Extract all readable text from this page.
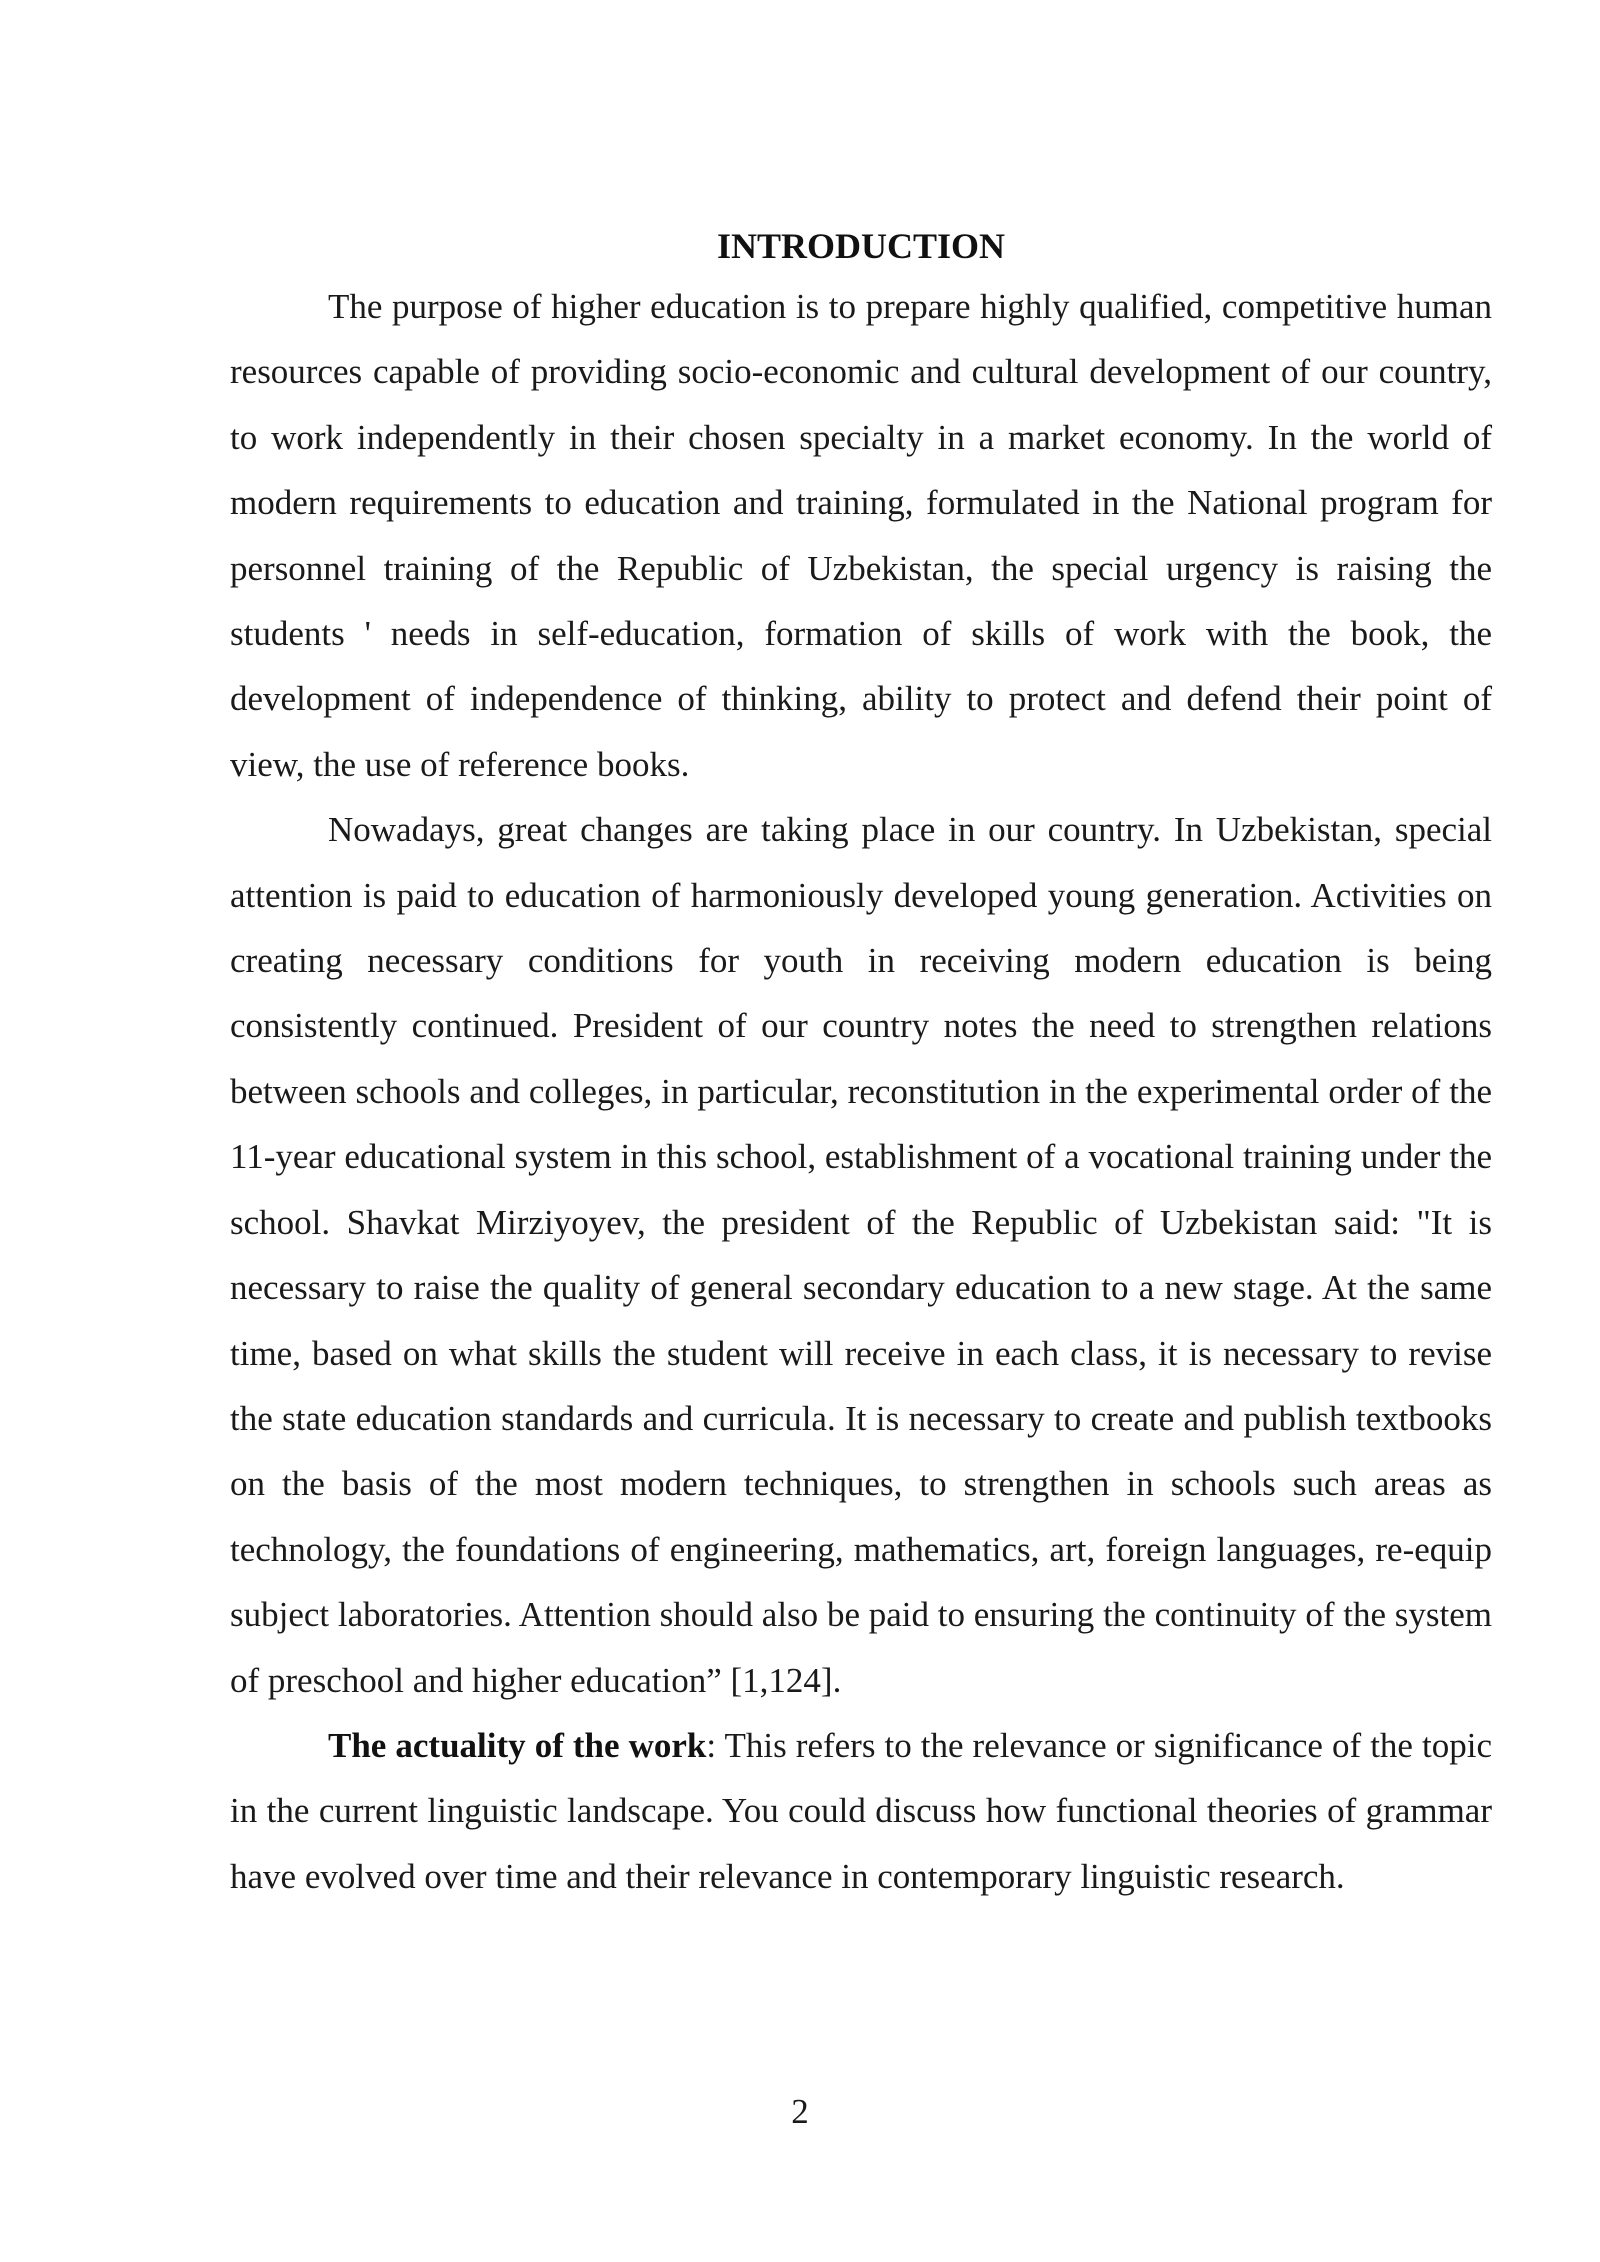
INTRODUCTION

The purpose of higher education is to prepare highly qualified, competitive human resources capable of providing socio-economic and cultural development of our country, to work independently in their chosen specialty in a market economy. In the world of modern requirements to education and training, formulated in the National program for personnel training of the Republic of Uzbekistan, the special urgency is raising the students ' needs in self-education, formation of skills of work with the book, the development of independence of thinking, ability to protect and defend their point of view, the use of reference books.

Nowadays, great changes are taking place in our country. In Uzbekistan, special attention is paid to education of harmoniously developed young generation. Activities on creating necessary conditions for youth in receiving modern education is being consistently continued. President of our country notes the need to strengthen relations between schools and colleges, in particular, reconstitution in the experimental order of the 11-year educational system in this school, establishment of a vocational training under the school. Shavkat Mirziyoyev, the president of the Republic of Uzbekistan said: "It is necessary to raise the quality of general secondary education to a new stage. At the same time, based on what skills the student will receive in each class, it is necessary to revise the state education standards and curricula. It is necessary to create and publish textbooks on the basis of the most modern techniques, to strengthen in schools such areas as technology, the foundations of engineering, mathematics, art, foreign languages, re-equip subject laboratories. Attention should also be paid to ensuring the continuity of the system of preschool and higher education” [1,124].

The actuality of the work: This refers to the relevance or significance of the topic in the current linguistic landscape. You could discuss how functional theories of grammar have evolved over time and their relevance in contemporary linguistic research.

2
